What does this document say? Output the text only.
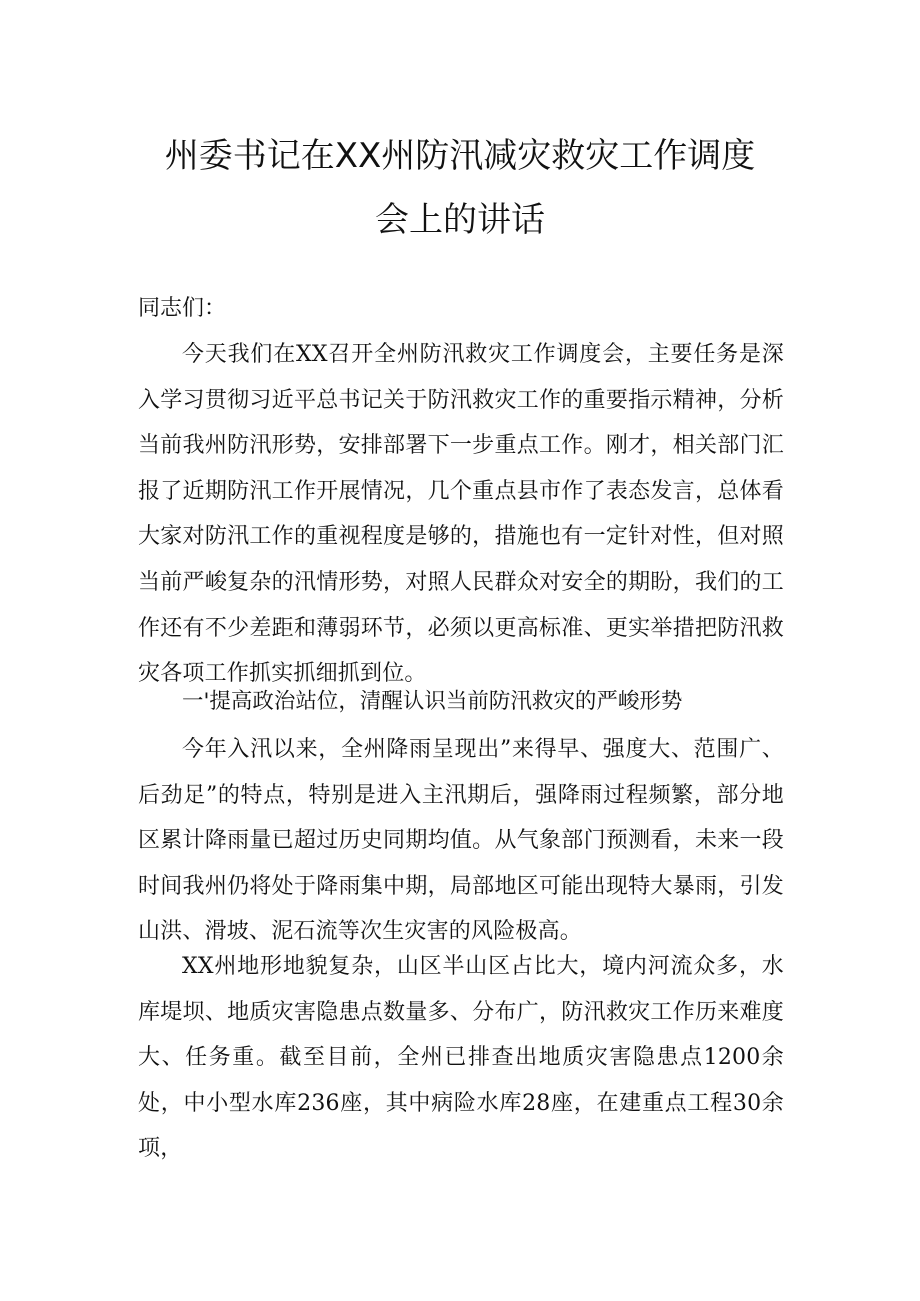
州委书记在XX州防汛减灾救灾工作调度
会上的讲话
同志们：
今天我们在XX召开全州防汛救灾工作调度会，主要任务是深入学习贯彻习近平总书记关于防汛救灾工作的重要指示精神，分析当前我州防汛形势，安排部署下一步重点工作。刚才，相关部门汇报了近期防汛工作开展情况，几个重点县市作了表态发言，总体看大家对防汛工作的重视程度是够的，措施也有一定针对性，但对照当前严峻复杂的汛情形势，对照人民群众对安全的期盼，我们的工作还有不少差距和薄弱环节，必须以更高标准、更实举措把防汛救灾各项工作抓实抓细抓到位。
一'提高政治站位，清醒认识当前防汛救灾的严峻形势
今年入汛以来，全州降雨呈现出”来得早、强度大、范围广、后劲足”的特点，特别是进入主汛期后，强降雨过程频繁，部分地区累计降雨量已超过历史同期均值。从气象部门预测看，未来一段时间我州仍将处于降雨集中期，局部地区可能出现特大暴雨，引发山洪、滑坡、泥石流等次生灾害的风险极高。
XX州地形地貌复杂，山区半山区占比大，境内河流众多，水库堤坝、地质灾害隐患点数量多、分布广，防汛救灾工作历来难度大、任务重。截至目前，全州已排查出地质灾害隐患点1200余处，中小型水库236座，其中病险水库28座，在建重点工程30余项，
